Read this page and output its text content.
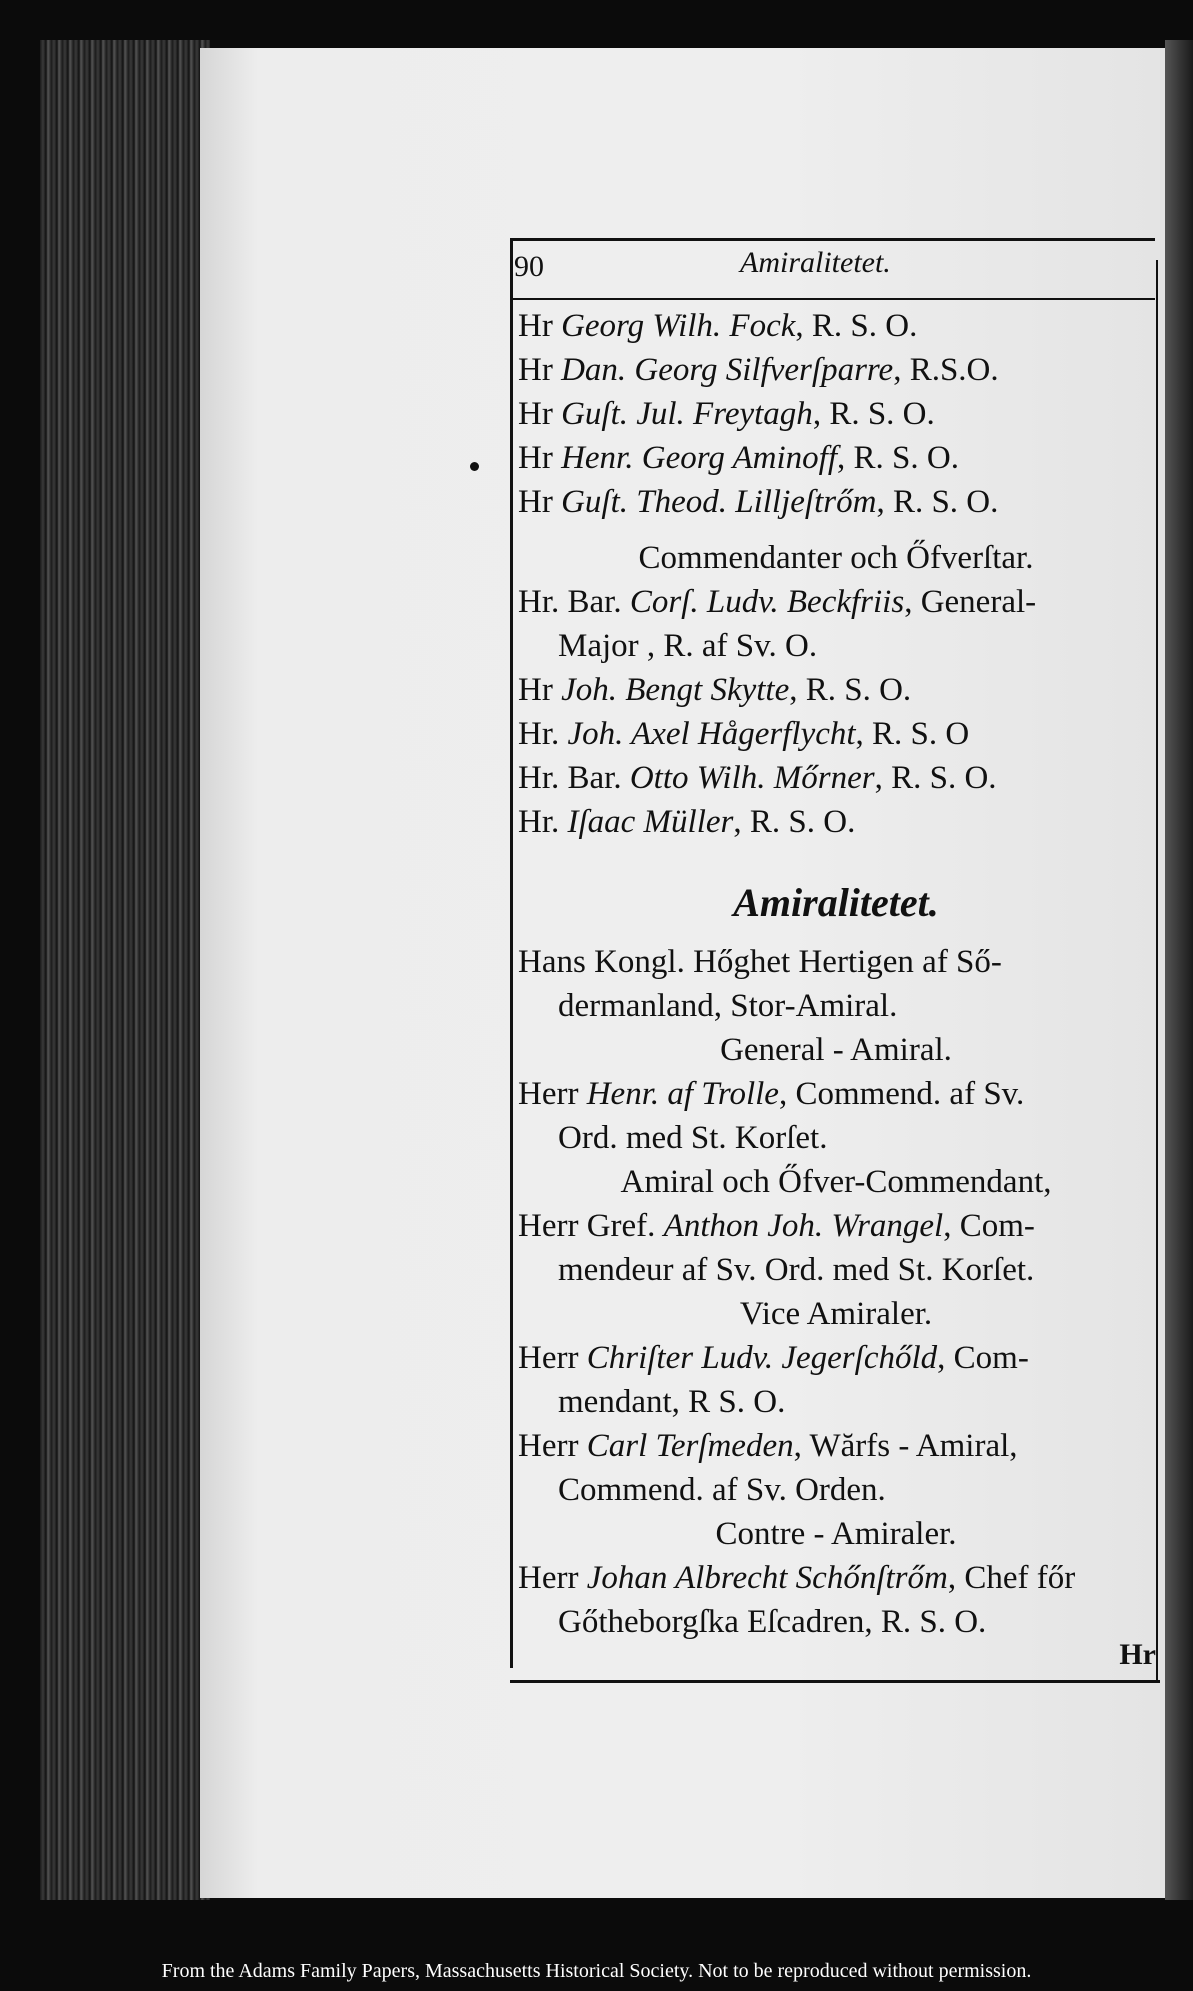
90	Amiralitetet.
Hr Georg Wilh. Fock, R. S. O.
Hr Dan. Georg Silfverſparre, R.S.O.
Hr Guſt. Jul. Freytagh, R. S. O.
Hr Henr. Georg Aminoff, R. S. O.
Hr Guſt. Theod. Lilljeſtrőm, R. S. O.
Commendanter och Őfverſtar.
Hr. Bar. Corſ. Ludv. Beckfriis, General-
Major , R. af Sv. O.
Hr Joh. Bengt Skytte, R. S. O.
Hr. Joh. Axel Hågerflycht, R. S. O
Hr. Bar. Otto Wilh. Mőrner, R. S. O.
Hr. Iſaac Müller, R. S. O.
Amiralitetet.
Hans Kongl. Hőghet Hertigen af Ső-
dermanland, Stor-Amiral.
General - Amiral.
Herr Henr. af Trolle, Commend. af Sv.
Ord. med St. Korſet.
Amiral och Őfver-Commendant,
Herr Gref. Anthon Joh. Wrangel, Com-
mendeur af Sv. Ord. med St. Korſet.
Vice Amiraler.
Herr Chriſter Ludv. Jegerſchőld, Com-
mendant, R S. O.
Herr Carl Terſmeden, Wărfs - Amiral,
Commend. af Sv. Orden.
Contre - Amiraler.
Herr Johan Albrecht Schőnſtrőm, Chef főr
Gőtheborgſka Eſcadren, R. S. O.
Hr
From the Adams Family Papers, Massachusetts Historical Society. Not to be reproduced without permission.
